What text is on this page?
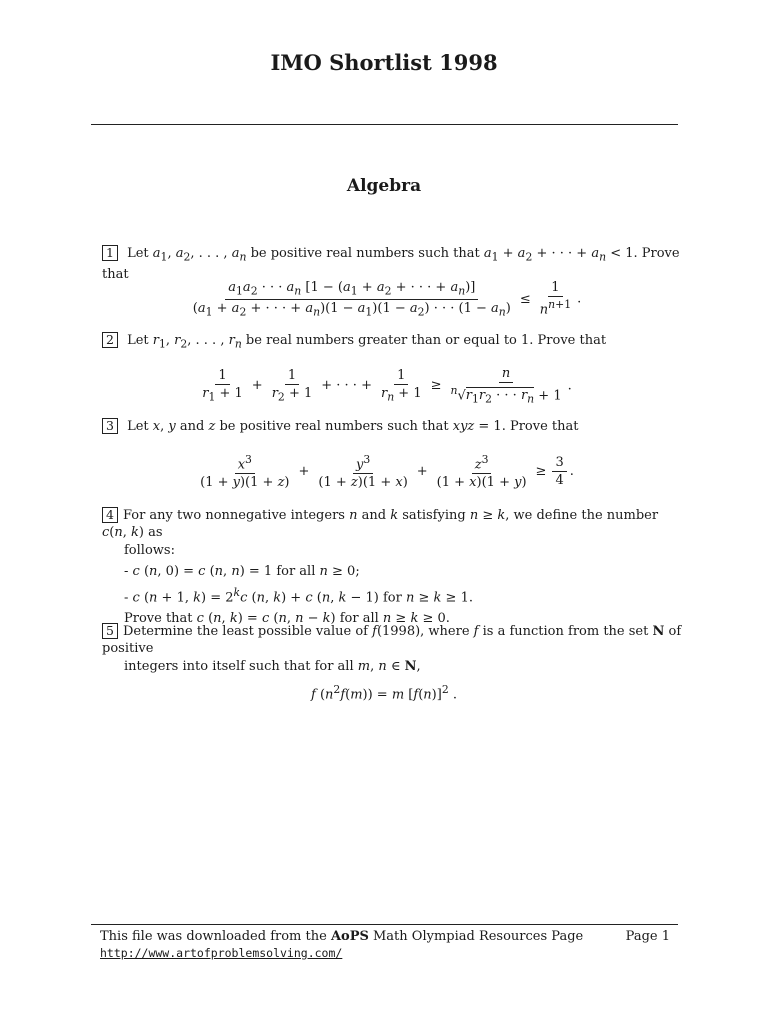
IMO Shortlist 1998
Algebra
1 Let $a_1$, $a_2$, . . . , $a_n$ be positive real numbers such that $a_1 + a_2$ + · · · + $a_n < 1$. Prove that
$\frac{a_1a_2 \cdot \cdot \cdot a_n [1 - (a_1 + a_2 + \cdot \cdot \cdot + a_n)]}{(a_1 + a_2 + \cdot \cdot \cdot + a_n)(1 - a_1)(1 - a_2) \cdot \cdot \cdot (1 - a_n)} \le \frac{1}{n^{n+1}}$ .
2 Let $r_1$, $r_2$, . . . , $r_n$ be real numbers greater than or equal to 1. Prove that
$\frac{1}{r_1 + 1} + \frac{1}{r_2 + 1}$ + · · · + $\frac{1}{r_n + 1} \ge \frac{n}{^n√r_1r_2 \cdot \cdot \cdot r_n + 1}$ .
3 Let x, y and z be positive real numbers such that xyz = 1. Prove that
$\frac{x^3}{(1 + y)(1 + z)} + \frac{y^3}{(1 + z)(1 + x)} + \frac{z^3}{(1 + x)(1 + y)} \ge \frac{3}{4}$ .
4 For any two nonnegative integers n and k satisfying n ≥ k, we define the number c(n, k) as
follows:
- c (n, 0) = c (n, n) = 1 for all n ≥ 0;
- c (n + 1, $k) = 2^kc$ (n, k) + c (n, k − 1) for n ≥ k ≥ 1.
Prove that c (n, k) = c (n, n − k) for all n ≥ k ≥ 0.
5 Determine the least possible value of f(1998), where f is a function from the set N of positive
integers into itself such that for all m, n ∈ N,
f $(n^2f(m)) = m$ $[f(n)]^2$ .
This file was downloaded from the AoPS Math Olympiad Resources Page	Page 1
http://www.artofproblemsolving.com/
